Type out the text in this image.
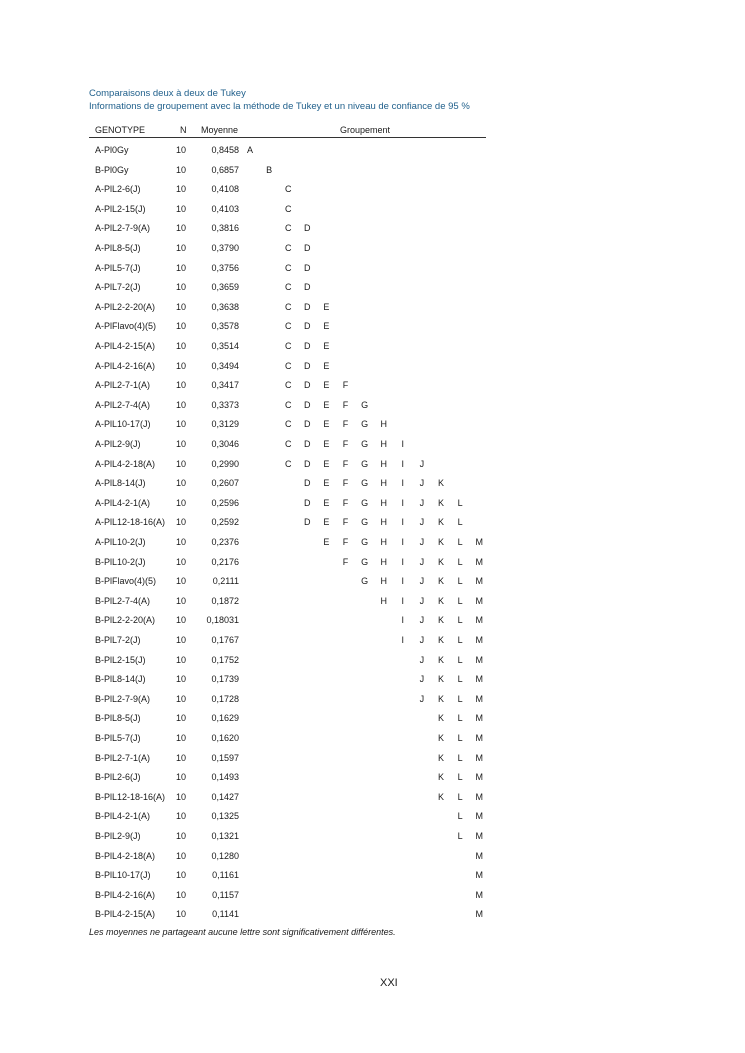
Comparaisons deux à deux de Tukey
Informations de groupement avec la méthode de Tukey et un niveau de confiance de 95 %
GENOTYPE	N Moyenne	Groupement
A-Pl0Gy	10	0,8458 A
B-Pl0Gy	10	0,6857	B
A-PlL2-6(J)	10	0,4108	C
A-PlL2-15(J)	10	0,4103	C
A-PlL2-7-9(A)	10	0,3816	C D
A-PlL8-5(J)	10	0,3790	C D
A-PlL5-7(J)	10	0,3756	C D
A-PlL7-2(J)	10	0,3659	C D
A-PlL2-2-20(A) 10	0,3638	C D E
A-PlFlavo(4)(5) 10	0,3578	C D E
A-PlL4-2-15(A) 10	0,3514	C D E
A-PlL4-2-16(A) 10	0,3494	C D E
A-PlL2-7-1(A)	10	0,3417	C D E F
A-PlL2-7-4(A)	10	0,3373	C D E F G
A-PlL10-17(J)	10	0,3129	C D E F G H
A-PlL2-9(J)	10	0,3046	C D E F G H	I
A-PlL4-2-18(A) 10	0,2990	C D E F G H	I	J
A-PlL8-14(J)	10	0,2607	D E F G H	I	J	K
A-PlL4-2-1(A)	10	0,2596	D E F G H	I	J	K L
A-PlL12-18-16(A) 10	0,2592	D E F G H	I	J	K L
A-PlL10-2(J)	10	0,2376	E F G H	I	J	K L M
B-PlL10-2(J)	10	0,2176	F G H	I	J	K L M
B-PlFlavo(4)(5) 10	0,2111	G H	I	J	K L M
B-PlL2-7-4(A)	10	0,1872	H	I	J	K L M
B-PlL2-2-20(A) 10 0,18031	I	J	K L M
B-PlL7-2(J)	10	0,1767	I	J	K L M
B-PlL2-15(J)	10	0,1752	J	K L M
B-PlL8-14(J)	10	0,1739	J	K L M
B-PlL2-7-9(A)	10	0,1728	J	K L M
B-PlL8-5(J)	10	0,1629	K L M
B-PlL5-7(J)	10	0,1620	K L M
B-PlL2-7-1(A)	10	0,1597	K L M
B-PlL2-6(J)	10	0,1493	K L M
B-PlL12-18-16(A) 10	0,1427	K L M
B-PlL4-2-1(A)	10	0,1325	L M
B-PlL2-9(J)	10	0,1321	L M
B-PlL4-2-18(A) 10	0,1280	M
B-PlL10-17(J)	10	0,1161	M
B-PlL4-2-16(A) 10	0,1157	M
B-PlL4-2-15(A) 10	0,1141	M
Les moyennes ne partageant aucune lettre sont significativement différentes.
XXI
